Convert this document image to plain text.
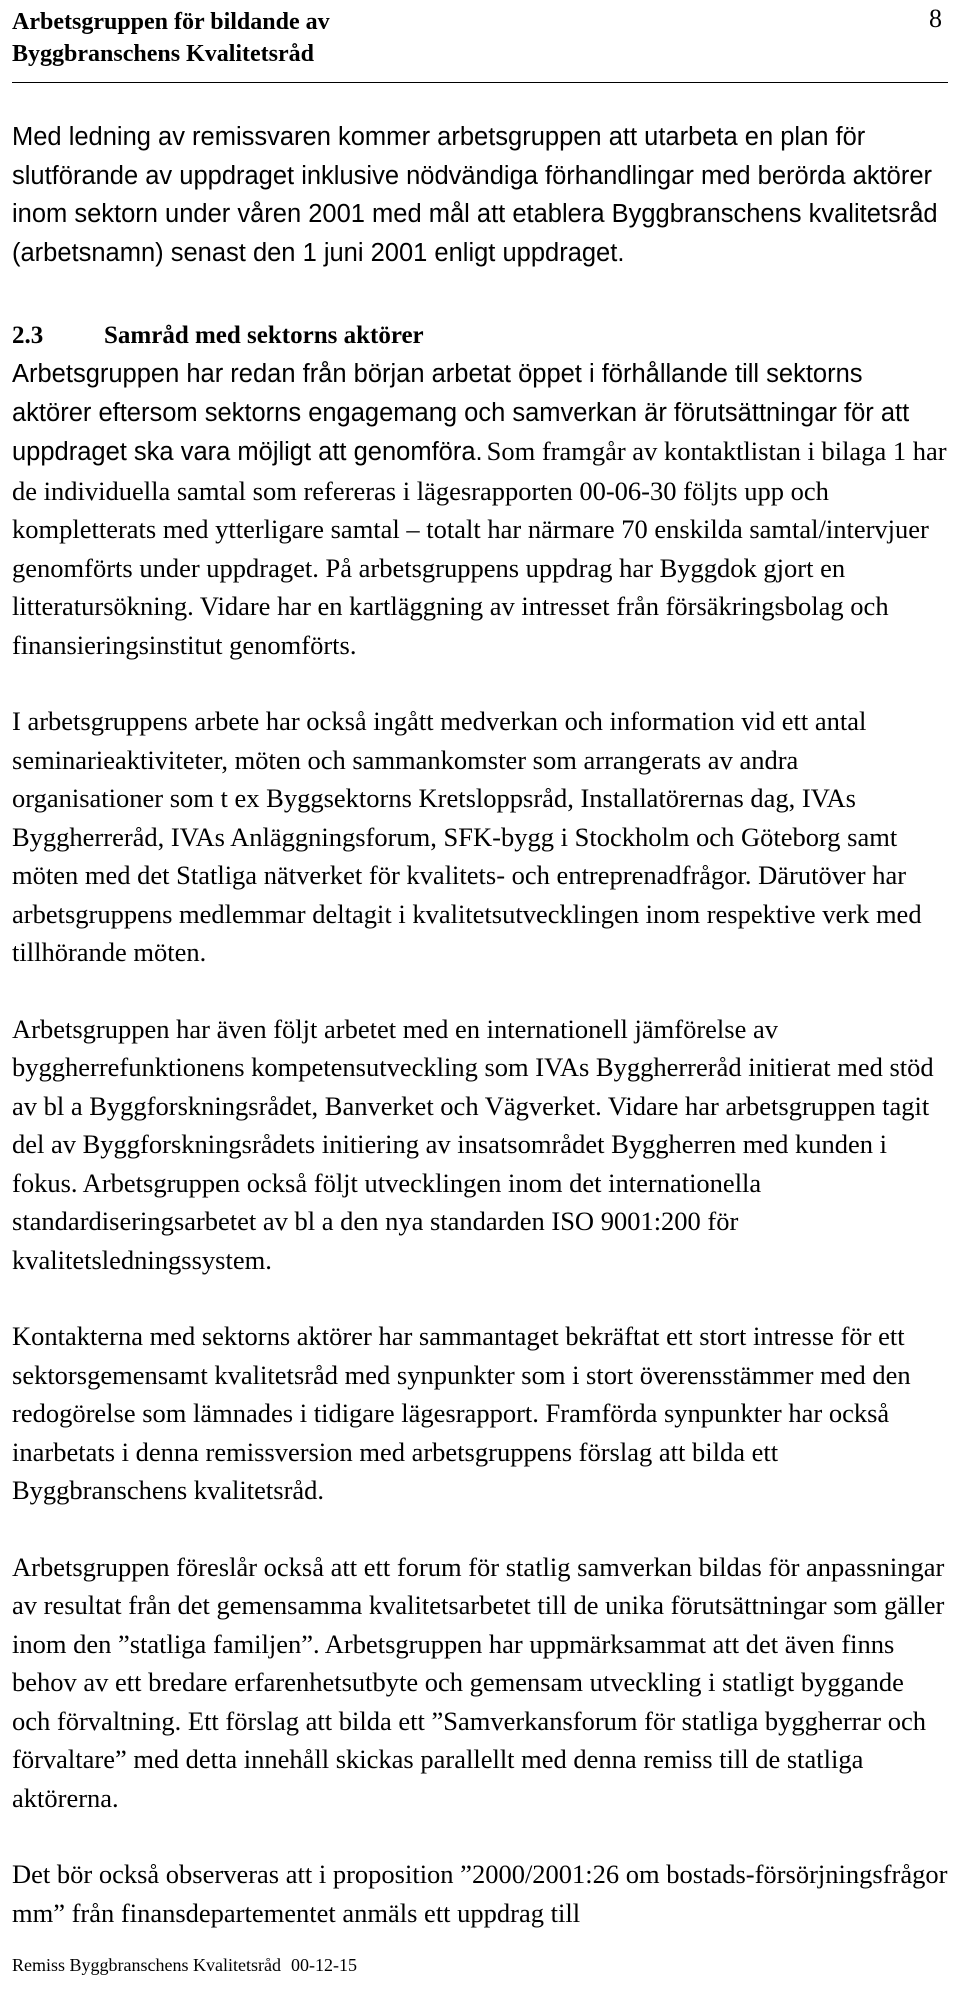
Arbetsgruppen för bildande av
Byggbranschens Kvalitetsråd
8

Med ledning av remissvaren kommer arbetsgruppen att utarbeta en plan för slutförande av uppdraget inklusive nödvändiga förhandlingar med berörda aktörer inom sektorn under våren 2001 med mål att etablera Byggbranschens kvalitetsråd (arbetsnamn) senast den 1 juni 2001 enligt uppdraget.

2.3 Samråd med sektorns aktörer

Arbetsgruppen har redan från början arbetat öppet i förhållande till sektorns aktörer eftersom sektorns engagemang och samverkan är förutsättningar för att uppdraget ska vara möjligt att genomföra. Som framgår av kontaktlistan i bilaga 1 har de individuella samtal som refereras i lägesrapporten 00-06-30 följts upp och kompletterats med ytterligare samtal – totalt har närmare 70 enskilda samtal/intervjuer genomförts under uppdraget. På arbetsgruppens uppdrag har Byggdok gjort en litteratursökning. Vidare har en kartläggning av intresset från försäkringsbolag och finansieringsinstitut genomförts.

I arbetsgruppens arbete har också ingått medverkan och information vid ett antal seminarieaktiviteter, möten och sammankomster som arrangerats av andra organisationer som t ex Byggsektorns Kretsloppsråd, Installatörernas dag, IVAs Byggherreråd, IVAs Anläggningsforum, SFK-bygg i Stockholm och Göteborg samt möten med det Statliga nätverket för kvalitets- och entreprenadfrågor. Därutöver har arbetsgruppens medlemmar deltagit i kvalitetsutvecklingen inom respektive verk med tillhörande möten.

Arbetsgruppen har även följt arbetet med en internationell jämförelse av byggherrefunktionens kompetensutveckling som IVAs Byggherreråd initierat med stöd av bl a Byggforskningsrådet, Banverket och Vägverket. Vidare har arbetsgruppen tagit del av Byggforskningsrådets initiering av insatsområdet Byggherren med kunden i fokus. Arbetsgruppen också följt utvecklingen inom det internationella standardiseringsarbetet av bl a den nya standarden ISO 9001:200 för kvalitetsledningssystem.

Kontakterna med sektorns aktörer har sammantaget bekräftat ett stort intresse för ett sektorsgemensamt kvalitetsråd med synpunkter som i stort överensstämmer med den redogörelse som lämnades i tidigare lägesrapport. Framförda synpunkter har också inarbetats i denna remissversion med arbetsgruppens förslag att bilda ett Byggbranschens kvalitetsråd.

Arbetsgruppen föreslår också att ett forum för statlig samverkan bildas för anpassningar av resultat från det gemensamma kvalitetsarbetet till de unika förutsättningar som gäller inom den ”statliga familjen”. Arbetsgruppen har uppmärksammat att det även finns behov av ett bredare erfarenhetsutbyte och gemensam utveckling i statligt byggande och förvaltning. Ett förslag att bilda ett ”Samverkansforum för statliga byggherrar och förvaltare” med detta innehåll skickas parallellt med denna remiss till de statliga aktörerna.

Det bör också observeras att i proposition ”2000/2001:26 om bostads-försörjningsfrågor mm” från finansdepartementet anmäls ett uppdrag till

Remiss Byggbranschens Kvalitetsråd 00-12-15
